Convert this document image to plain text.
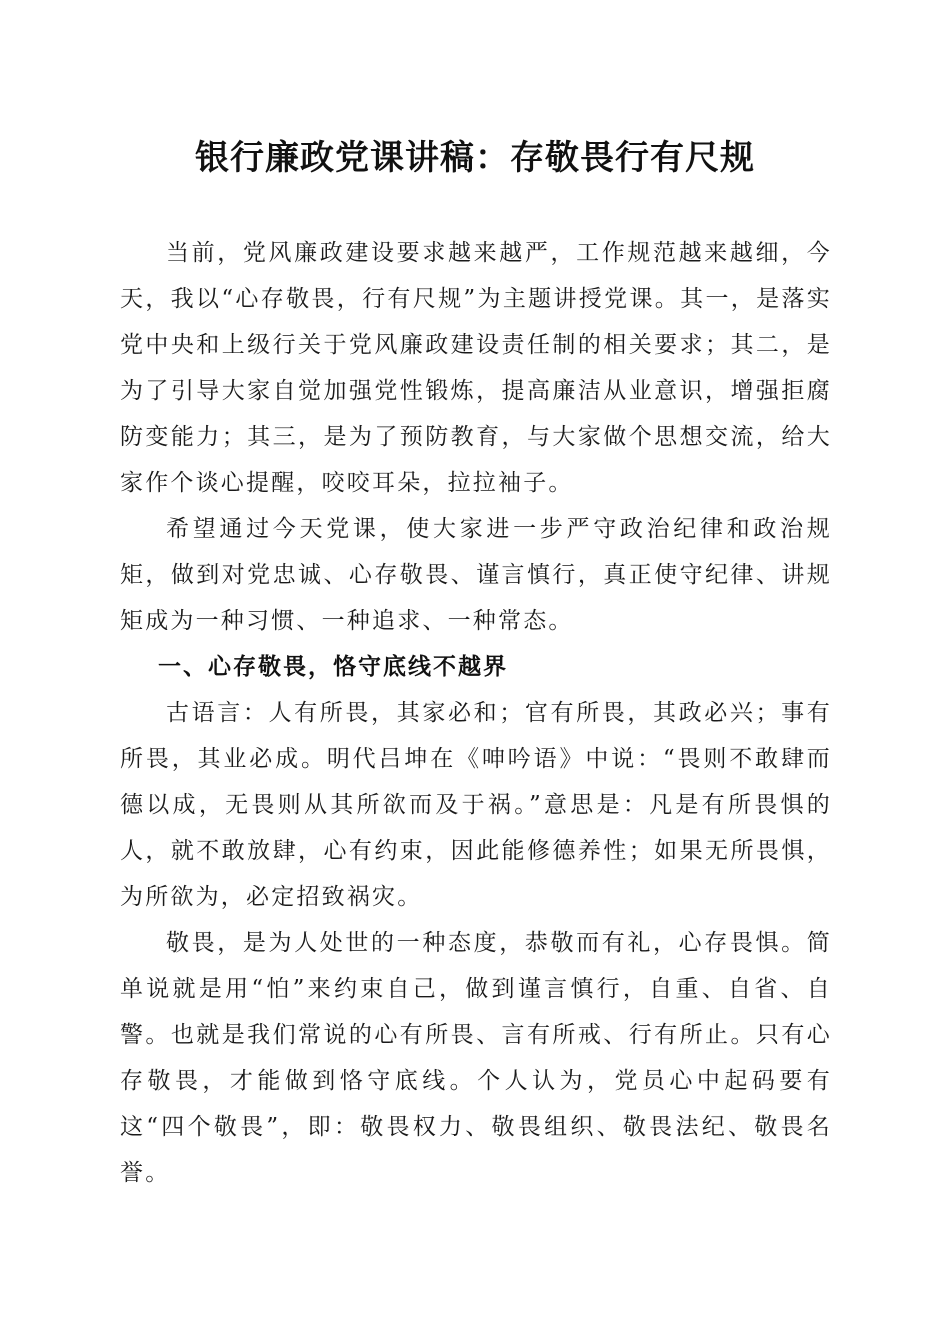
银行廉政党课讲稿：存敬畏行有尺规

当前，党风廉政建设要求越来越严，工作规范越来越细，今天，我以“心存敬畏，行有尺规”为主题讲授党课。其一，是落实党中央和上级行关于党风廉政建设责任制的相关要求；其二，是为了引导大家自觉加强党性锻炼，提高廉洁从业意识，增强拒腐防变能力；其三，是为了预防教育，与大家做个思想交流，给大家作个谈心提醒，咬咬耳朵，拉拉袖子。

希望通过今天党课，使大家进一步严守政治纪律和政治规矩，做到对党忠诚、心存敬畏、谨言慎行，真正使守纪律、讲规矩成为一种习惯、一种追求、一种常态。

一、心存敬畏，恪守底线不越界

古语言：人有所畏，其家必和；官有所畏，其政必兴；事有所畏，其业必成。明代吕坤在《呻吟语》中说：“畏则不敢肆而德以成，无畏则从其所欲而及于祸。”意思是：凡是有所畏惧的人，就不敢放肆，心有约束，因此能修德养性；如果无所畏惧，为所欲为，必定招致祸灾。

敬畏，是为人处世的一种态度，恭敬而有礼，心存畏惧。简单说就是用“怕”来约束自己，做到谨言慎行，自重、自省、自警。也就是我们常说的心有所畏、言有所戒、行有所止。只有心存敬畏，才能做到恪守底线。个人认为，党员心中起码要有这“四个敬畏”，即：敬畏权力、敬畏组织、敬畏法纪、敬畏名誉。
